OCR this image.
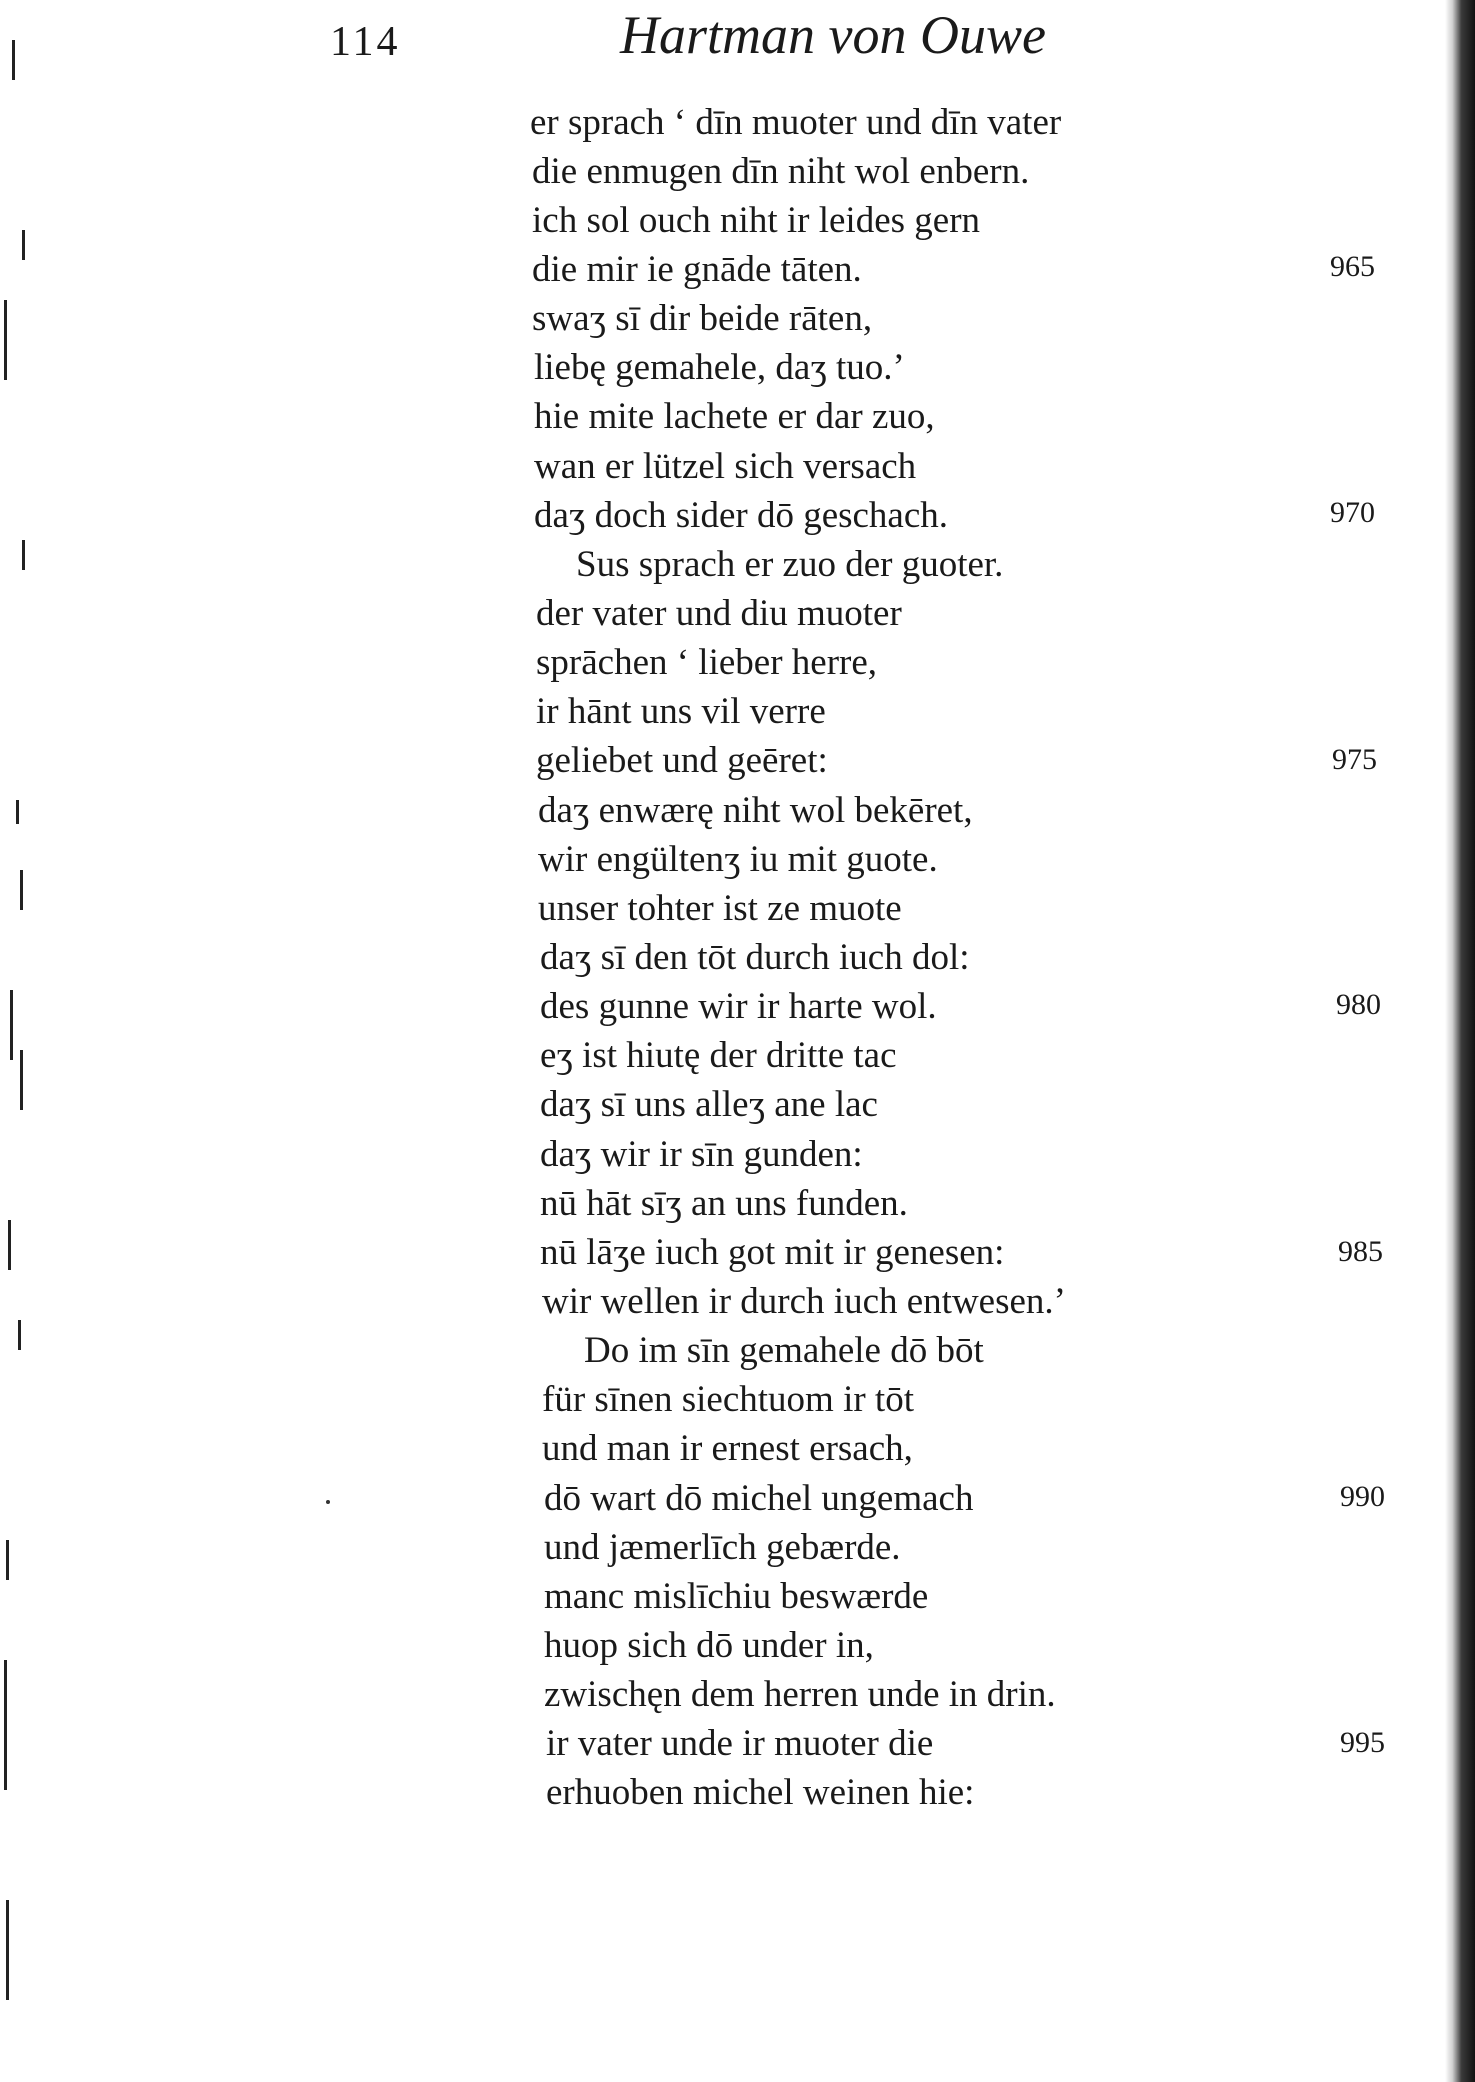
114	Hartman von Ouwe
er sprach ‘ dīn muoter und dīn vater
die enmugen dīn niht wol enbern.
ich sol ouch niht ir leides gern
die mir ie gnāde tāten.
swaʒ sī dir beide rāten,
liebę gemahele, daʒ tuo.’
hie mite lachete er dar zuo,
wan er lützel sich versach
daʒ doch sider dō geschach.
Sus sprach er zuo der guoter.
der vater und diu muoter
sprāchen ‘ lieber herre,
ir hānt uns vil verre
geliebet und geēret:
daʒ enwærę niht wol bekēret,
wir engültenʒ iu mit guote.
unser tohter ist ze muote
daʒ sī den tōt durch iuch dol:
des gunne wir ir harte wol.
eʒ ist hiutę der dritte tac
daʒ sī uns alleʒ ane lac
daʒ wir ir sīn gunden:
nū hāt sīʒ an uns funden.
nū lāʒe iuch got mit ir genesen:
wir wellen ir durch iuch entwesen.’
Do im sīn gemahele dō bōt
für sīnen siechtuom ir tōt
und man ir ernest ersach,
dō wart dō michel ungemach
und jæmerlīch gebærde.
manc mislīchiu beswærde
huop sich dō under in,
zwischęn dem herren unde in drin.
ir vater unde ir muoter die
erhuoben michel weinen hie:
965
970
975
980
985
990
995
